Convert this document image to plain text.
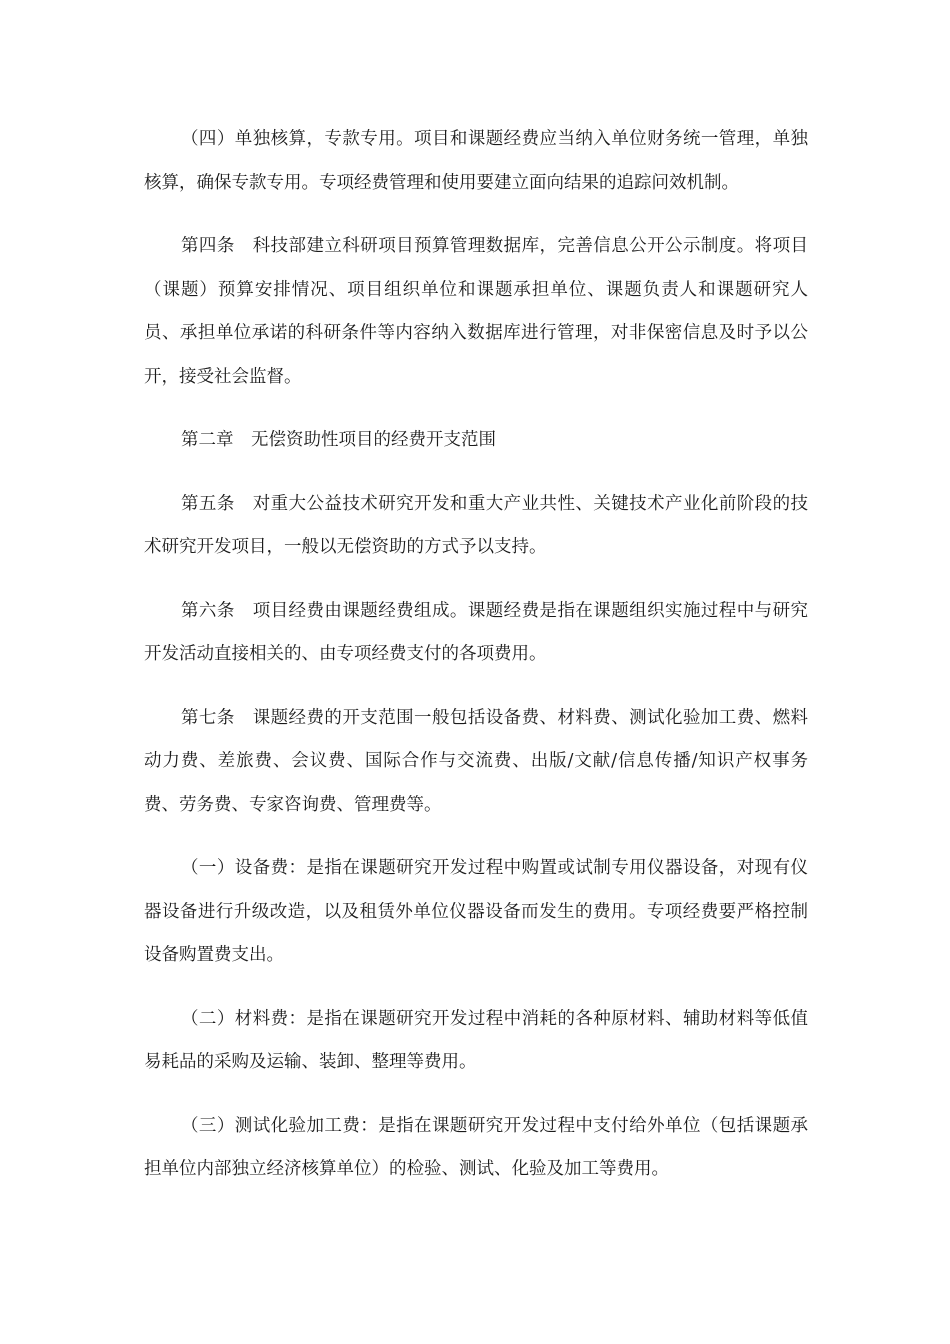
（四）单独核算，专款专用。项目和课题经费应当纳入单位财务统一管理，单独核算，确保专款专用。专项经费管理和使用要建立面向结果的追踪问效机制。

第四条　科技部建立科研项目预算管理数据库，完善信息公开公示制度。将项目（课题）预算安排情况、项目组织单位和课题承担单位、课题负责人和课题研究人员、承担单位承诺的科研条件等内容纳入数据库进行管理，对非保密信息及时予以公开，接受社会监督。

第二章　无偿资助性项目的经费开支范围

第五条　对重大公益技术研究开发和重大产业共性、关键技术产业化前阶段的技术研究开发项目，一般以无偿资助的方式予以支持。

第六条　项目经费由课题经费组成。课题经费是指在课题组织实施过程中与研究开发活动直接相关的、由专项经费支付的各项费用。

第七条　课题经费的开支范围一般包括设备费、材料费、测试化验加工费、燃料动力费、差旅费、会议费、国际合作与交流费、出版/文献/信息传播/知识产权事务费、劳务费、专家咨询费、管理费等。

（一）设备费：是指在课题研究开发过程中购置或试制专用仪器设备，对现有仪器设备进行升级改造，以及租赁外单位仪器设备而发生的费用。专项经费要严格控制设备购置费支出。

（二）材料费：是指在课题研究开发过程中消耗的各种原材料、辅助材料等低值易耗品的采购及运输、装卸、整理等费用。

（三）测试化验加工费：是指在课题研究开发过程中支付给外单位（包括课题承担单位内部独立经济核算单位）的检验、测试、化验及加工等费用。
